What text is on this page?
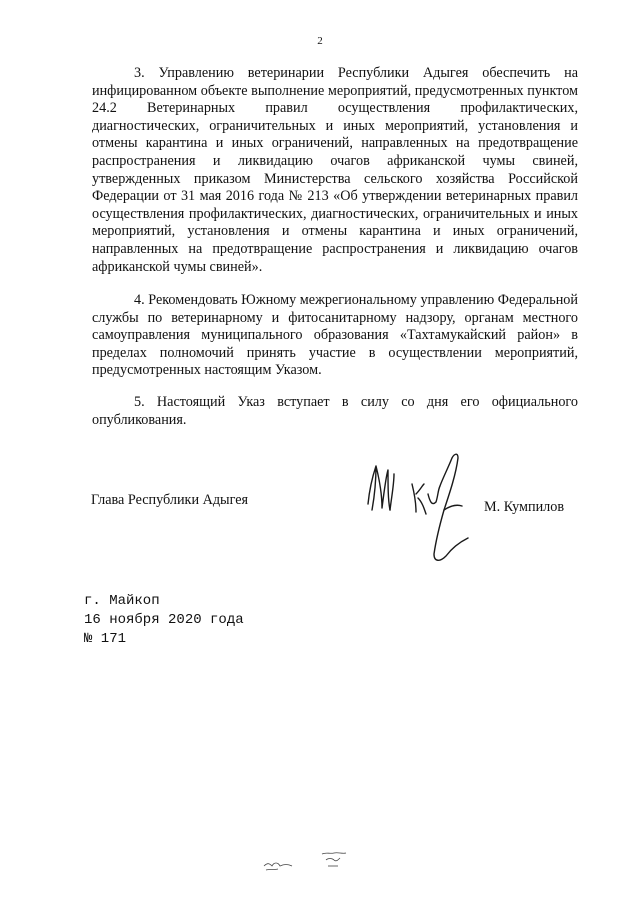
2

3. Управлению ветеринарии Республики Адыгея обеспечить на инфицированном объекте выполнение мероприятий, предусмотренных пунктом 24.2 Ветеринарных правил осуществления профилактических, диагностических, ограничительных и иных мероприятий, установления и отмены карантина и иных ограничений, направленных на предотвращение распространения и ликвидацию очагов африканской чумы свиней, утвержденных приказом Министерства сельского хозяйства Российской Федерации от 31 мая 2016 года № 213 «Об утверждении ветеринарных правил осуществления профилактических, диагностических, ограничительных и иных мероприятий, установления и отмены карантина и иных ограничений, направленных на предотвращение распространения и ликвидацию очагов африканской чумы свиней».

4. Рекомендовать Южному межрегиональному управлению Федеральной службы по ветеринарному и фитосанитарному надзору, органам местного самоуправления муниципального образования «Тахтамукайский район» в пределах полномочий принять участие в осуществлении мероприятий, предусмотренных настоящим Указом.

5. Настоящий Указ вступает в силу со дня его официального опубликования.

Глава Республики Адыгея	М. Кумпилов
г. Майкоп
16 ноября 2020 года
№ 171
